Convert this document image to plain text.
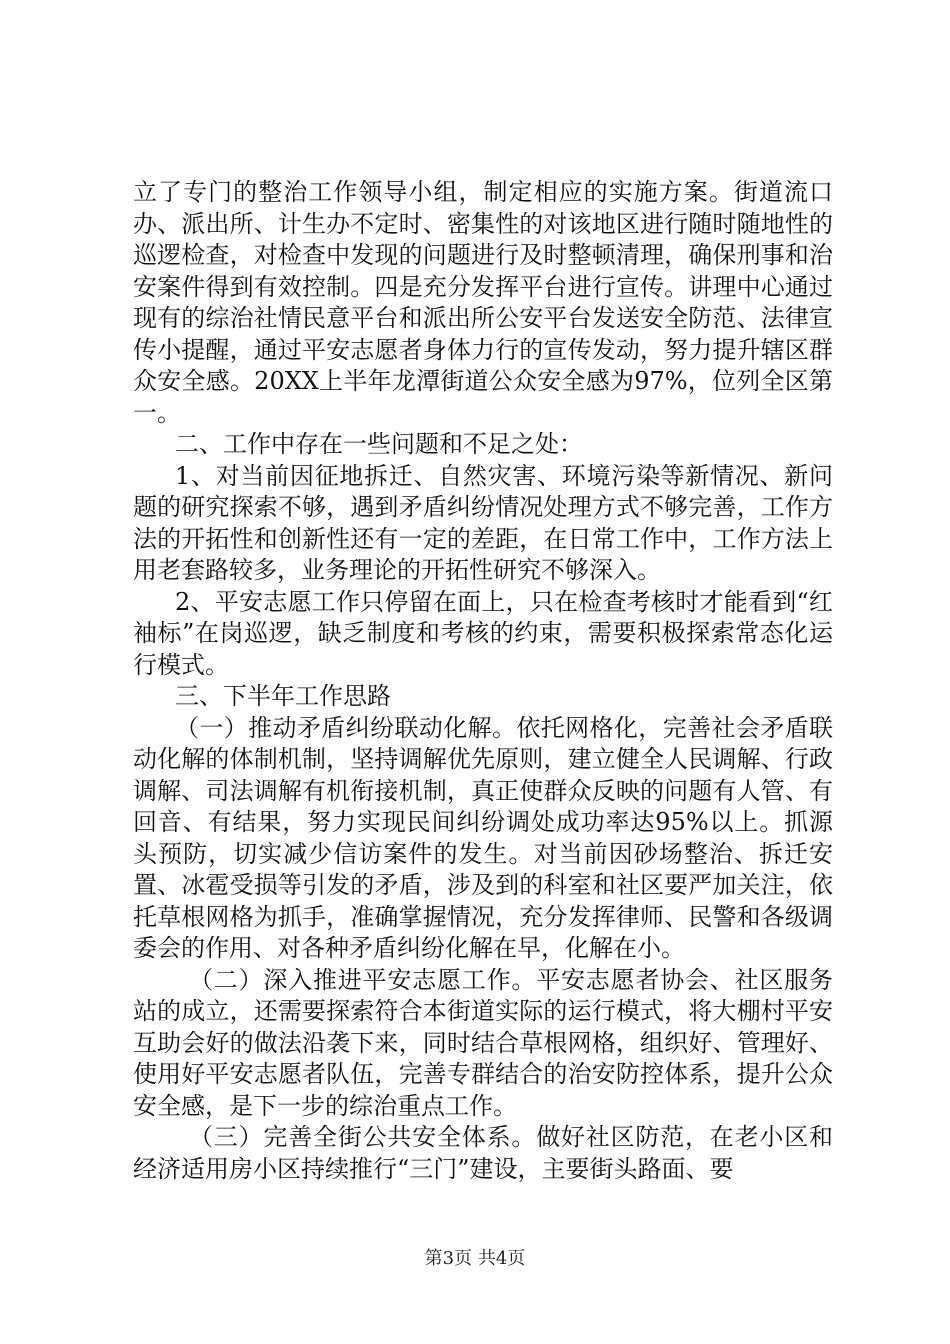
立了专门的整治工作领导小组，制定相应的实施方案。街道流口办、派出所、计生办不定时、密集性的对该地区进行随时随地性的巡逻检查，对检查中发现的问题进行及时整顿清理，确保刑事和治安案件得到有效控制。四是充分发挥平台进行宣传。讲理中心通过现有的综治社情民意平台和派出所公安平台发送安全防范、法律宣传小提醒，通过平安志愿者身体力行的宣传发动，努力提升辖区群众安全感。20XX上半年龙潭街道公众安全感为97%，位列全区第一。

二、工作中存在一些问题和不足之处：

1、对当前因征地拆迁、自然灾害、环境污染等新情况、新问题的研究探索不够，遇到矛盾纠纷情况处理方式不够完善，工作方法的开拓性和创新性还有一定的差距，在日常工作中，工作方法上用老套路较多，业务理论的开拓性研究不够深入。

2、平安志愿工作只停留在面上，只在检查考核时才能看到“红袖标”在岗巡逻，缺乏制度和考核的约束，需要积极探索常态化运行模式。

三、下半年工作思路

（一）推动矛盾纠纷联动化解。依托网格化，完善社会矛盾联动化解的体制机制，坚持调解优先原则，建立健全人民调解、行政调解、司法调解有机衔接机制，真正使群众反映的问题有人管、有回音、有结果，努力实现民间纠纷调处成功率达95%以上。抓源头预防，切实减少信访案件的发生。对当前因砂场整治、拆迁安置、冰雹受损等引发的矛盾，涉及到的科室和社区要严加关注，依托草根网格为抓手，准确掌握情况，充分发挥律师、民警和各级调委会的作用、对各种矛盾纠纷化解在早，化解在小。

（二）深入推进平安志愿工作。平安志愿者协会、社区服务站的成立，还需要探索符合本街道实际的运行模式，将大棚村平安互助会好的做法沿袭下来，同时结合草根网格，组织好、管理好、使用好平安志愿者队伍，完善专群结合的治安防控体系，提升公众安全感，是下一步的综治重点工作。

（三）完善全街公共安全体系。做好社区防范，在老小区和经济适用房小区持续推行“三门”建设，主要街头路面、要

第3页 共4页
